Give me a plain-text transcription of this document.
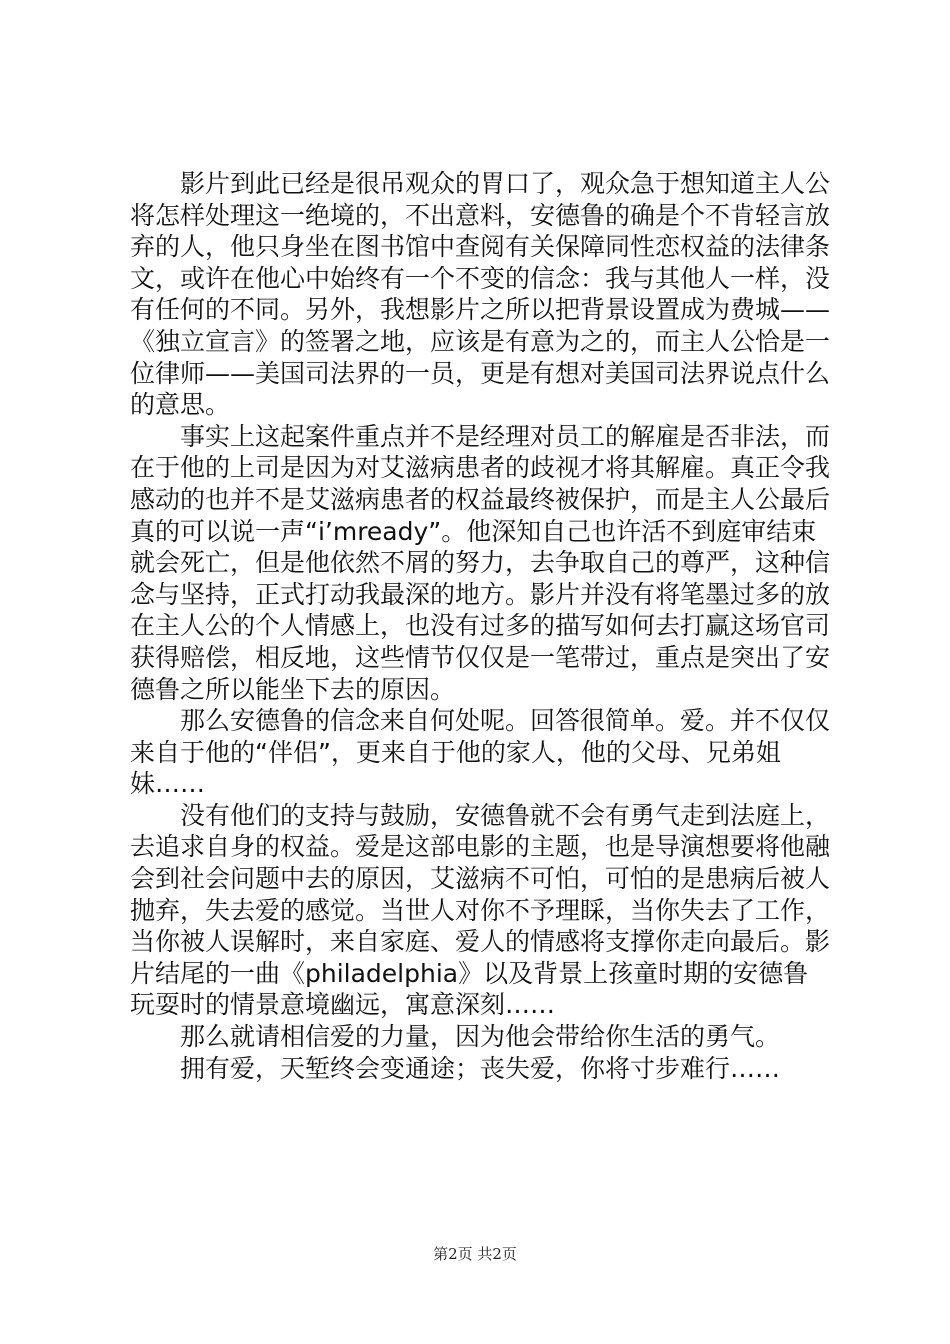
影片到此已经是很吊观众的胃口了，观众急于想知道主人公将怎样处理这一绝境的，不出意料，安德鲁的确是个不肯轻言放弃的人，他只身坐在图书馆中查阅有关保障同性恋权益的法律条文，或许在他心中始终有一个不变的信念：我与其他人一样，没有任何的不同。另外，我想影片之所以把背景设置成为费城——《独立宣言》的签署之地，应该是有意为之的，而主人公恰是一位律师——美国司法界的一员，更是有想对美国司法界说点什么的意思。

事实上这起案件重点并不是经理对员工的解雇是否非法，而在于他的上司是因为对艾滋病患者的歧视才将其解雇。真正令我感动的也并不是艾滋病患者的权益最终被保护，而是主人公最后真的可以说一声“i’mready”。他深知自己也许活不到庭审结束就会死亡，但是他依然不屑的努力，去争取自己的尊严，这种信念与坚持，正式打动我最深的地方。影片并没有将笔墨过多的放在主人公的个人情感上，也没有过多的描写如何去打赢这场官司获得赔偿，相反地，这些情节仅仅是一笔带过，重点是突出了安德鲁之所以能坐下去的原因。

那么安德鲁的信念来自何处呢。回答很简单。爱。并不仅仅来自于他的“伴侣”，更来自于他的家人，他的父母、兄弟姐妹……

没有他们的支持与鼓励，安德鲁就不会有勇气走到法庭上，去追求自身的权益。爱是这部电影的主题，也是导演想要将他融会到社会问题中去的原因，艾滋病不可怕，可怕的是患病后被人抛弃，失去爱的感觉。当世人对你不予理睬，当你失去了工作，当你被人误解时，来自家庭、爱人的情感将支撑你走向最后。影片结尾的一曲《philadelphia》以及背景上孩童时期的安德鲁玩耍时的情景意境幽远，寓意深刻……

那么就请相信爱的力量，因为他会带给你生活的勇气。

拥有爱，天堑终会变通途；丧失爱，你将寸步难行……

第2页 共2页
